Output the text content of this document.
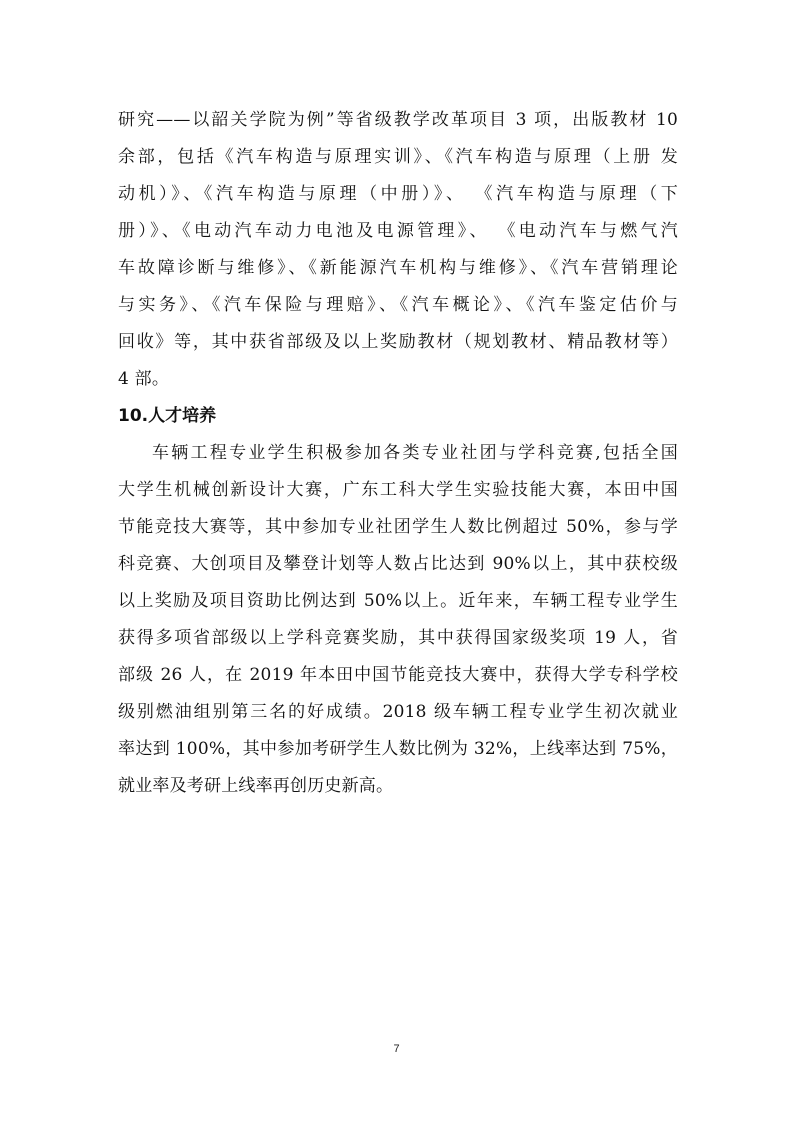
研究——以韶关学院为例”等省级教学改革项目 3 项，出版教材 10
余部，包括《汽车构造与原理实训》、《汽车构造与原理（上册 发
动机）》、《汽车构造与原理（中册）》、 《汽车构造与原理（下
册）》、《电动汽车动力电池及电源管理》、 《电动汽车与燃气汽
车故障诊断与维修》、《新能源汽车机构与维修》、《汽车营销理论
与实务》、《汽车保险与理赔》、《汽车概论》、《汽车鉴定估价与
回收》等，其中获省部级及以上奖励教材（规划教材、精品教材等）
4 部。

10.人才培养

车辆工程专业学生积极参加各类专业社团与学科竞赛,包括全国
大学生机械创新设计大赛，广东工科大学生实验技能大赛，本田中国
节能竞技大赛等，其中参加专业社团学生人数比例超过 50%，参与学
科竞赛、大创项目及攀登计划等人数占比达到 90%以上，其中获校级
以上奖励及项目资助比例达到 50%以上。近年来，车辆工程专业学生
获得多项省部级以上学科竞赛奖励，其中获得国家级奖项 19 人，省
部级 26 人，在 2019 年本田中国节能竞技大赛中，获得大学专科学校
级别燃油组别第三名的好成绩。2018 级车辆工程专业学生初次就业
率达到 100%，其中参加考研学生人数比例为 32%，上线率达到 75%，
就业率及考研上线率再创历史新高。

7
